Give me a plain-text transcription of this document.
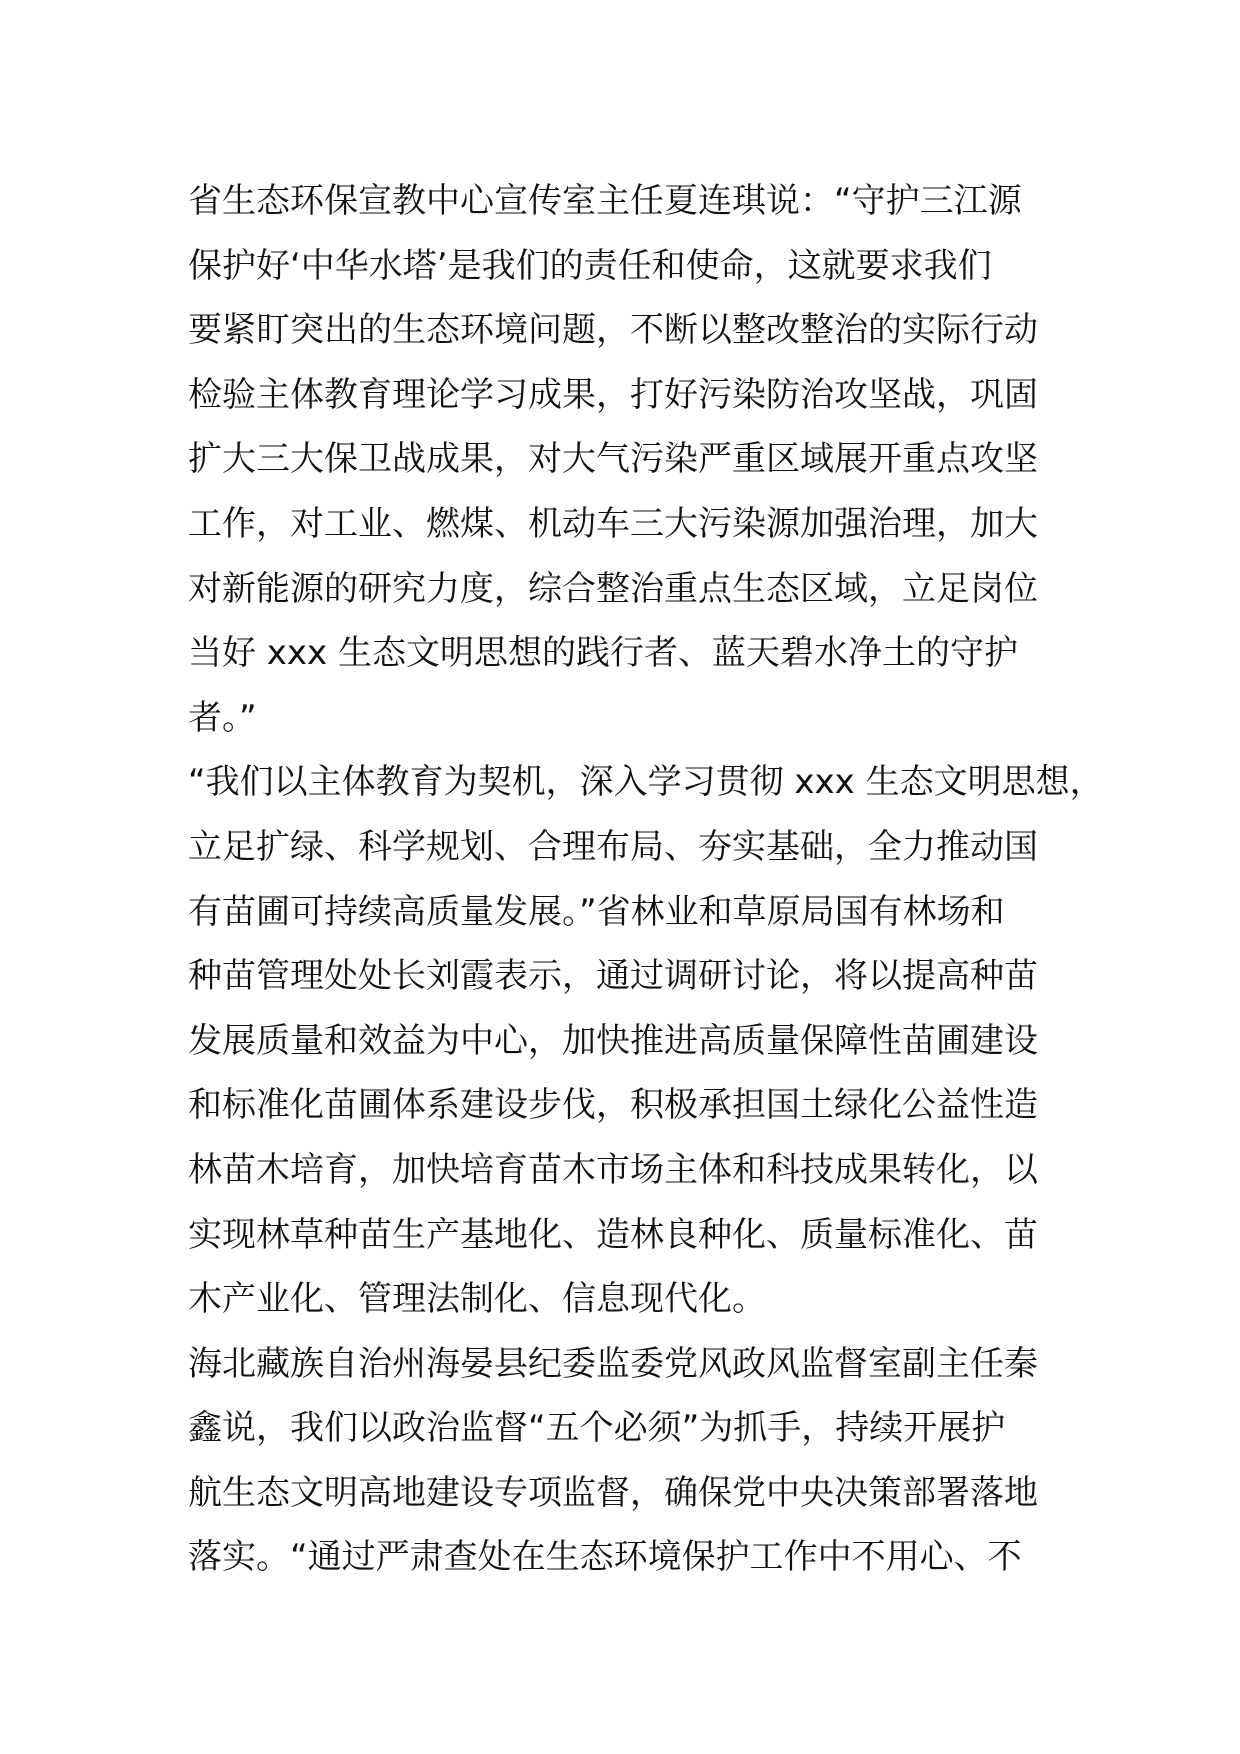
省生态环保宣教中心宣传室主任夏连琪说：“守护三江源
保护好‘中华水塔’是我们的责任和使命，这就要求我们
要紧盯突出的生态环境问题，不断以整改整治的实际行动
检验主体教育理论学习成果，打好污染防治攻坚战，巩固
扩大三大保卫战成果，对大气污染严重区域展开重点攻坚
工作，对工业、燃煤、机动车三大污染源加强治理，加大
对新能源的研究力度，综合整治重点生态区域，立足岗位
当好 xxx 生态文明思想的践行者、蓝天碧水净土的守护
者。”
“我们以主体教育为契机，深入学习贯彻 xxx 生态文明思想，
立足扩绿、科学规划、合理布局、夯实基础，全力推动国
有苗圃可持续高质量发展。”省林业和草原局国有林场和
种苗管理处处长刘霞表示，通过调研讨论，将以提高种苗
发展质量和效益为中心，加快推进高质量保障性苗圃建设
和标准化苗圃体系建设步伐，积极承担国土绿化公益性造
林苗木培育，加快培育苗木市场主体和科技成果转化，以
实现林草种苗生产基地化、造林良种化、质量标准化、苗
木产业化、管理法制化、信息现代化。
海北藏族自治州海晏县纪委监委党风政风监督室副主任秦
鑫说，我们以政治监督“五个必须”为抓手，持续开展护
航生态文明高地建设专项监督，确保党中央决策部署落地
落实。“通过严肃查处在生态环境保护工作中不用心、不
